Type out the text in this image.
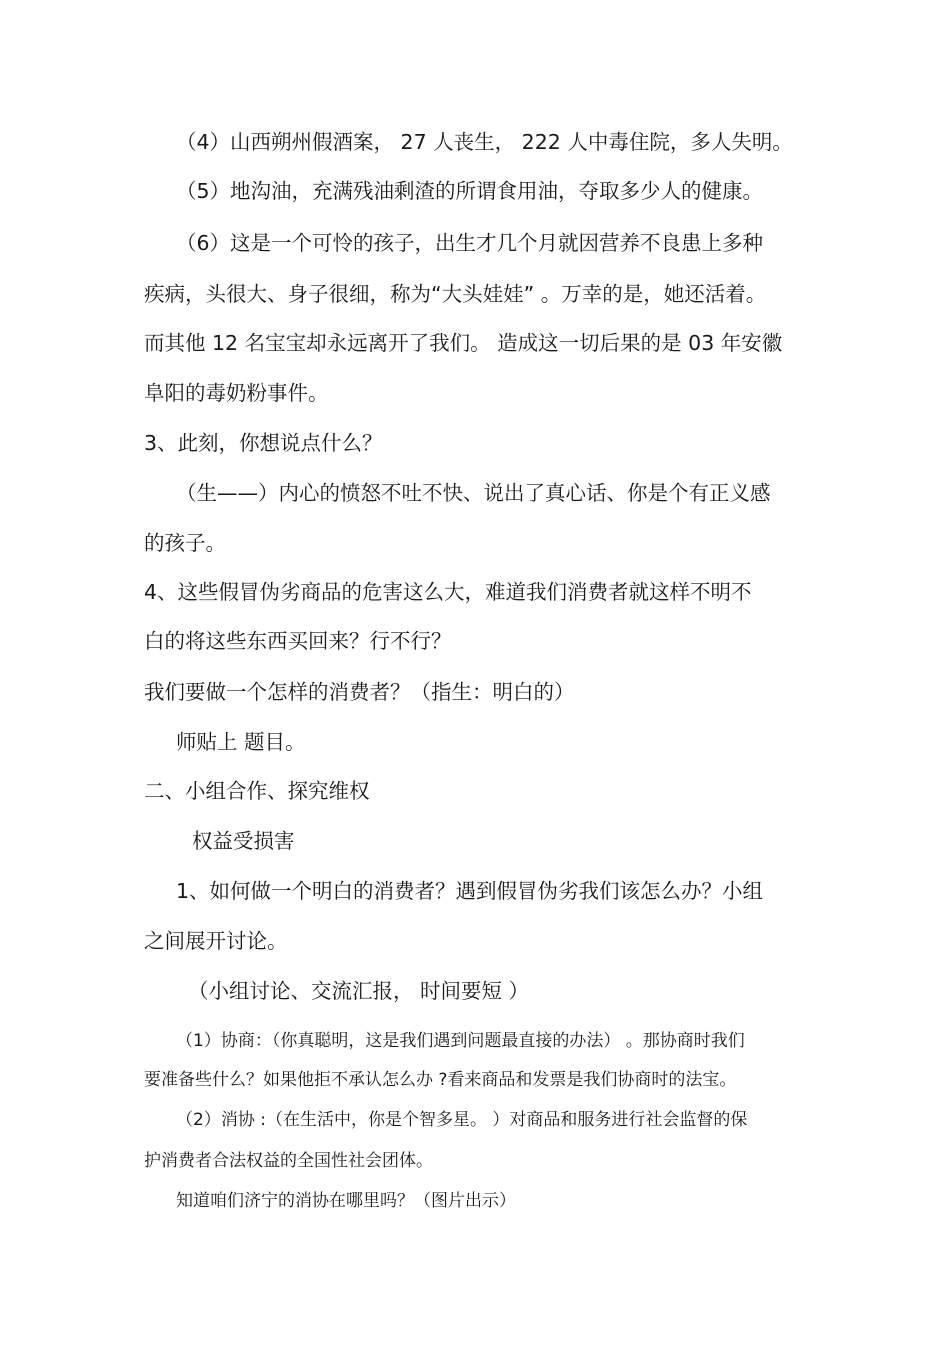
（4）山西朔州假酒案， 27 人丧生， 222 人中毒住院，多人失明。
（5）地沟油，充满残油剩渣的所谓食用油，夺取多少人的健康。
（6）这是一个可怜的孩子，出生才几个月就因营养不良患上多种
疾病，头很大、身子很细，称为“大头娃娃” 。万幸的是，她还活着。
而其他 12 名宝宝却永远离开了我们。 造成这一切后果的是 03 年安徽
阜阳的毒奶粉事件。
3、此刻，你想说点什么？
（生——）内心的愤怒不吐不快、说出了真心话、你是个有正义感
的孩子。
4、这些假冒伪劣商品的危害这么大，难道我们消费者就这样不明不
白的将这些东西买回来？行不行？
我们要做一个怎样的消费者？（指生：明白的）
师贴上 题目。
二、小组合作、探究维权
权益受损害
1、如何做一个明白的消费者？遇到假冒伪劣我们该怎么办？小组
之间展开讨论。
（小组讨论、交流汇报， 时间要短 ）
（1）协商：（你真聪明，这是我们遇到问题最直接的办法） 。那协商时我们
要准备些什么？如果他拒不承认怎么办 ?看来商品和发票是我们协商时的法宝。
（2）消协 :（在生活中，你是个智多星。 ）对商品和服务进行社会监督的保
护消费者合法权益的全国性社会团体。
知道咱们济宁的消协在哪里吗？（图片出示）
